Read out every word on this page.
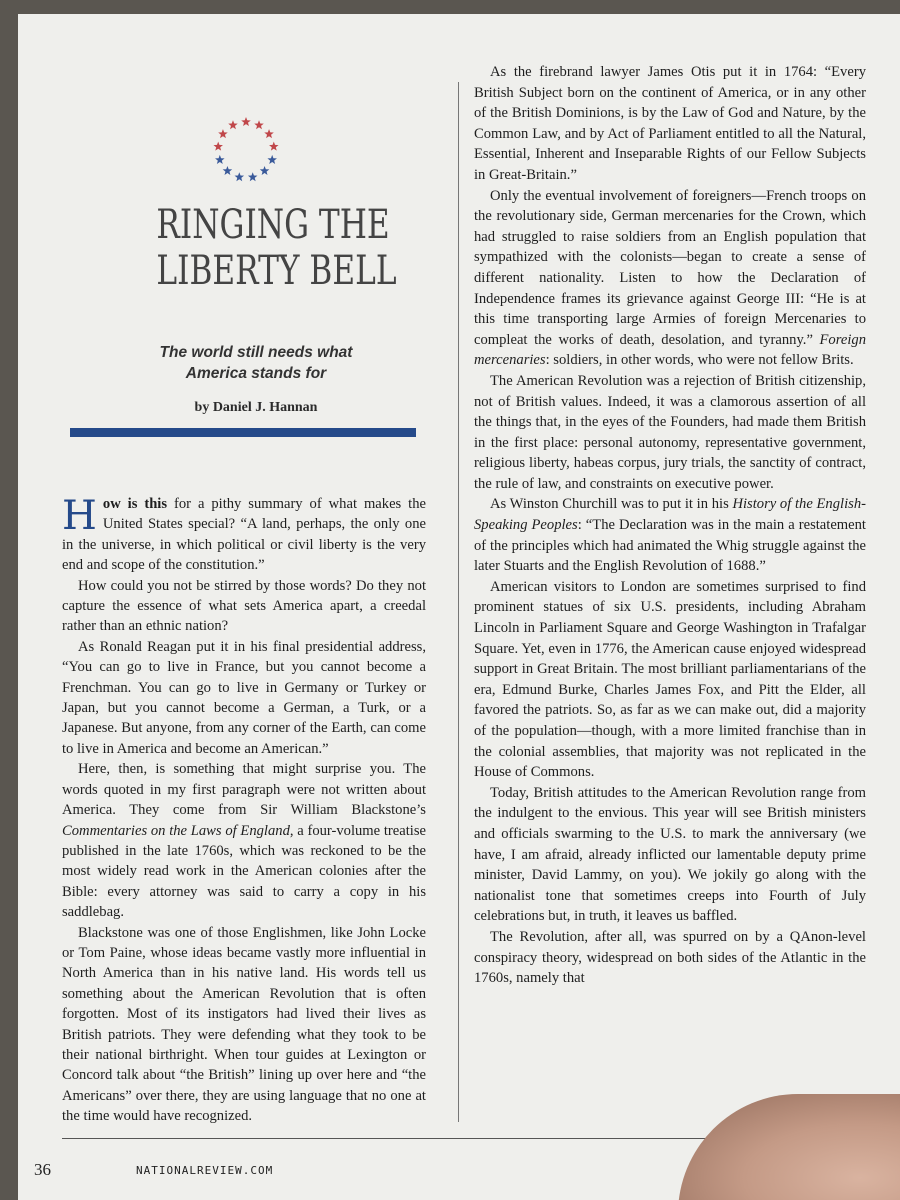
RINGING THE
LIBERTY BELL
The world still needs what
America stands for
by Daniel J. Hannan

How is this for a pithy summary of what makes the United States special? “A land, perhaps, the only one in the universe, in which political or civil liberty is the very end and scope of the constitution.”

How could you not be stirred by those words? Do they not capture the essence of what sets America apart, a creedal rather than an ethnic nation?

As Ronald Reagan put it in his final presidential address, “You can go to live in France, but you cannot become a Frenchman. You can go to live in Germany or Turkey or Japan, but you cannot become a German, a Turk, or a Japanese. But anyone, from any corner of the Earth, can come to live in America and become an American.”

Here, then, is something that might surprise you. The words quoted in my first paragraph were not written about America. They come from Sir William Blackstone’s Commentaries on the Laws of England, a four-volume treatise published in the late 1760s, which was reckoned to be the most widely read work in the American colonies after the Bible: every attorney was said to carry a copy in his saddlebag.

Blackstone was one of those Englishmen, like John Locke or Tom Paine, whose ideas became vastly more influential in North America than in his native land. His words tell us something about the American Revolution that is often forgotten. Most of its instigators had lived their lives as British patriots. They were defending what they took to be their national birthright. When tour guides at Lexington or Concord talk about “the British” lining up over here and “the Americans” over there, they are using language that no one at the time would have recognized.

As the firebrand lawyer James Otis put it in 1764: “Every British Subject born on the continent of America, or in any other of the British Dominions, is by the Law of God and Nature, by the Common Law, and by Act of Parliament entitled to all the Natural, Essential, Inherent and Inseparable Rights of our Fellow Subjects in Great-Britain.”

Only the eventual involvement of foreigners—French troops on the revolutionary side, German mercenaries for the Crown, which had struggled to raise soldiers from an English population that sympathized with the colonists—began to create a sense of different nationality. Listen to how the Declaration of Independence frames its grievance against George III: “He is at this time transporting large Armies of foreign Mercenaries to compleat the works of death, desolation, and tyranny.” Foreign mercenaries: soldiers, in other words, who were not fellow Brits.

The American Revolution was a rejection of British citizenship, not of British values. Indeed, it was a clamorous assertion of all the things that, in the eyes of the Founders, had made them British in the first place: personal autonomy, representative government, religious liberty, habeas corpus, jury trials, the sanctity of contract, the rule of law, and constraints on executive power.

As Winston Churchill was to put it in his History of the English-Speaking Peoples: “The Declaration was in the main a restatement of the principles which had animated the Whig struggle against the later Stuarts and the English Revolution of 1688.”

American visitors to London are sometimes surprised to find prominent statues of six U.S. presidents, including Abraham Lincoln in Parliament Square and George Washington in Trafalgar Square. Yet, even in 1776, the American cause enjoyed widespread support in Great Britain. The most brilliant parliamentarians of the era, Edmund Burke, Charles James Fox, and Pitt the Elder, all favored the patriots. So, as far as we can make out, did a majority of the population—though, with a more limited franchise than in the colonial assemblies, that majority was not replicated in the House of Commons.

Today, British attitudes to the American Revolution range from the indulgent to the envious. This year will see British ministers and officials swarming to the U.S. to mark the anniversary (we have, I am afraid, already inflicted our lamentable deputy prime minister, David Lammy, on you). We jokily go along with the nationalist tone that sometimes creeps into Fourth of July celebrations but, in truth, it leaves us baffled.

The Revolution, after all, was spurred on by a QAnon-level conspiracy theory, widespread on both sides of the Atlantic in the 1760s, namely that

36	NATIONALREVIEW.COM
